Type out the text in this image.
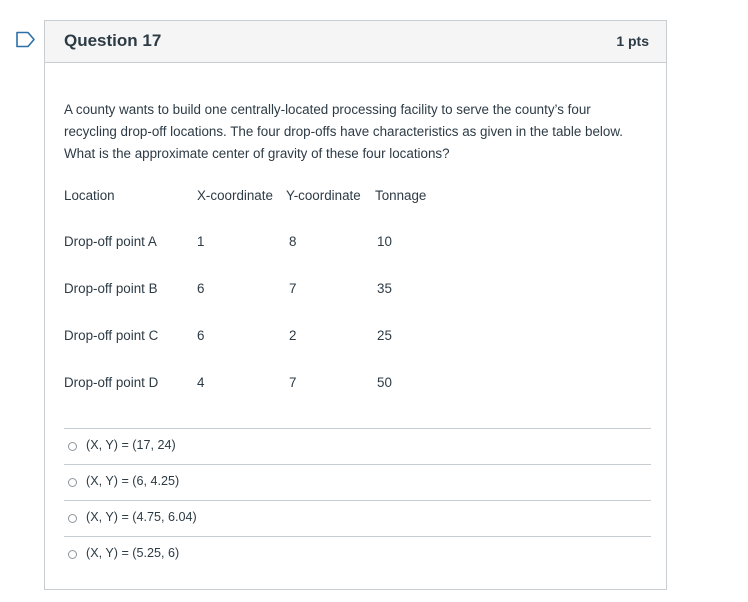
Question 17	1 pts
A county wants to build one centrally-located processing facility to serve the county’s four recycling drop-off locations. The four drop-offs have characteristics as given in the table below. What is the approximate center of gravity of these four locations?
Location	X-coordinate	Y-coordinate	Tonnage
Drop-off point A	1	8	10
Drop-off point B	6	7	35
Drop-off point C	6	2	25
Drop-off point D	4	7	50
(X, Y) = (17, 24)
(X, Y) = (6, 4.25)
(X, Y) = (4.75, 6.04)
(X, Y) = (5.25, 6)
